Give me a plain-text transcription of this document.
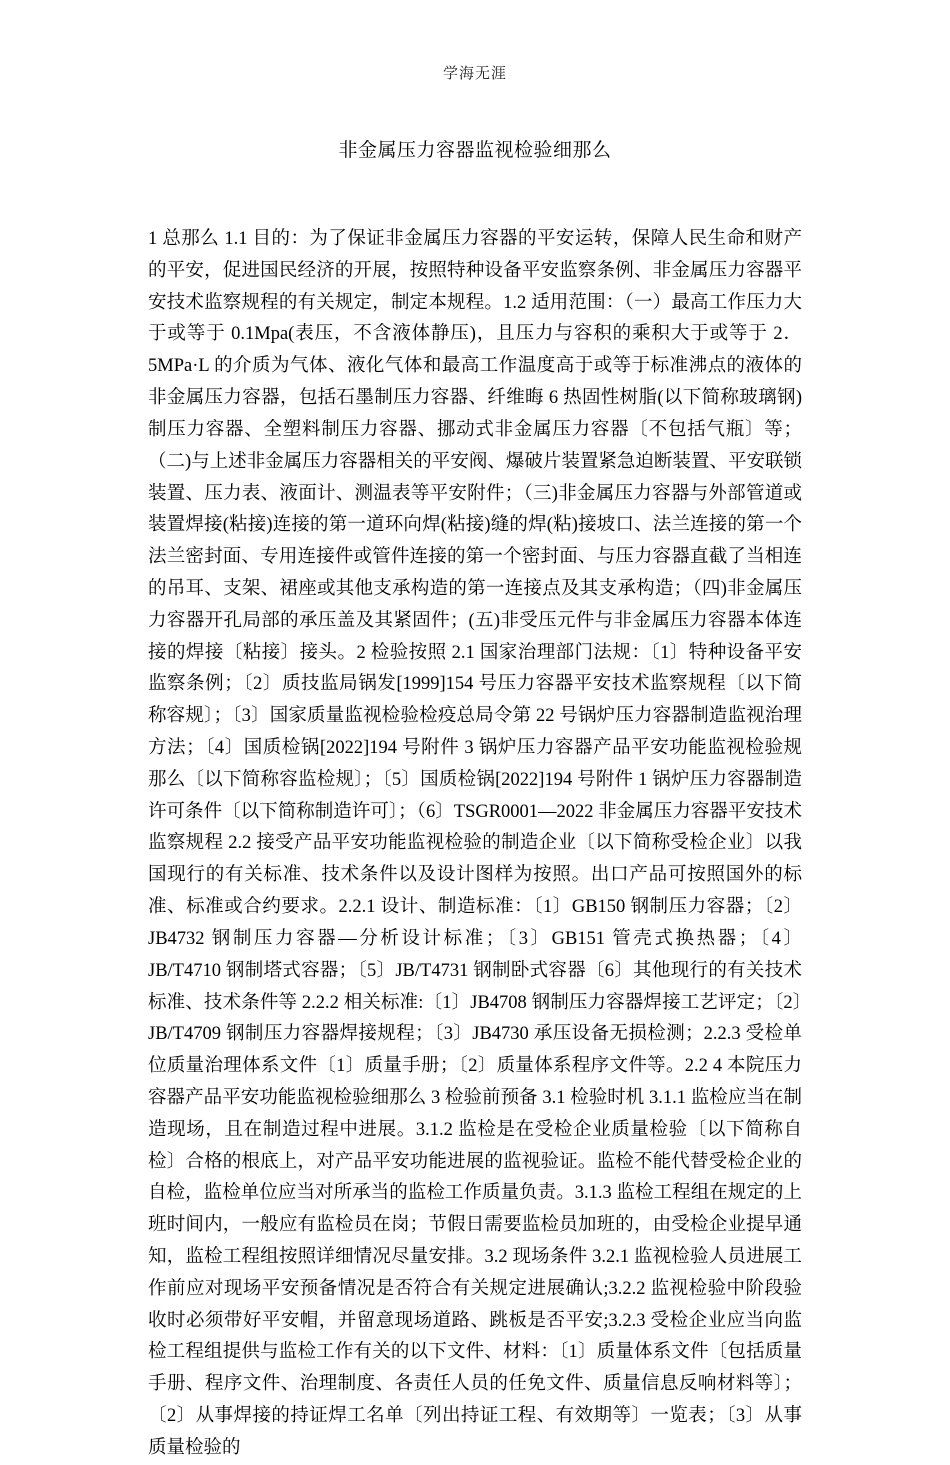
学海无涯
非金属压力容器监视检验细那么
1 总那么 1.1 目的：为了保证非金属压力容器的平安运转，保障人民生命和财产的平安，促进国民经济的开展，按照特种设备平安监察条例、非金属压力容器平安技术监察规程的有关规定，制定本规程。1.2 适用范围：（一）最高工作压力大于或等于 0.1Mpa(表压，不含液体静压)，且压力与容积的乘积大于或等于 2．5MPa·L 的介质为气体、液化气体和最高工作温度高于或等于标准沸点的液体的非金属压力容器，包括石墨制压力容器、纤维晦 6 热固性树脂(以下简称玻璃钢)制压力容器、全塑料制压力容器、挪动式非金属压力容器〔不包括气瓶〕等；（二)与上述非金属压力容器相关的平安阀、爆破片装置紧急迫断装置、平安联锁装置、压力表、液面计、测温表等平安附件；（三)非金属压力容器与外部管道或装置焊接(粘接)连接的第一道环向焊(粘接)缝的焊(粘)接坡口、法兰连接的第一个法兰密封面、专用连接件或管件连接的第一个密封面、与压力容器直截了当相连的吊耳、支架、裙座或其他支承构造的第一连接点及其支承构造；（四)非金属压力容器开孔局部的承压盖及其紧固件；(五)非受压元件与非金属压力容器本体连接的焊接〔粘接〕接头。2 检验按照 2.1 国家治理部门法规：〔1〕特种设备平安监察条例；〔2〕质技监局锅发[1999]154 号压力容器平安技术监察规程〔以下简称容规〕；〔3〕国家质量监视检验检疫总局令第 22 号锅炉压力容器制造监视治理方法；〔4〕国质检锅[2022]194 号附件 3 锅炉压力容器产品平安功能监视检验规那么〔以下简称容监检规〕；〔5〕国质检锅[2022]194 号附件 1 锅炉压力容器制造许可条件〔以下简称制造许可〕；（6〕TSGR0001—2022 非金属压力容器平安技术监察规程 2.2 接受产品平安功能监视检验的制造企业〔以下简称受检企业〕以我国现行的有关标准、技术条件以及设计图样为按照。出口产品可按照国外的标准、标准或合约要求。2.2.1 设计、制造标准：〔1〕GB150 钢制压力容器；〔2〕JB4732 钢制压力容器—分析设计标准；〔3〕GB151 管壳式换热器；〔4〕JB/T4710 钢制塔式容器；〔5〕JB/T4731 钢制卧式容器〔6〕其他现行的有关技术标准、技术条件等 2.2.2 相关标准:〔1〕JB4708 钢制压力容器焊接工艺评定；〔2〕JB/T4709 钢制压力容器焊接规程；〔3〕JB4730 承压设备无损检测；2.2.3 受检单位质量治理体系文件〔1〕质量手册；〔2〕质量体系程序文件等。2.2 4 本院压力容器产品平安功能监视检验细那么 3 检验前预备 3.1 检验时机 3.1.1 监检应当在制造现场，且在制造过程中进展。3.1.2 监检是在受检企业质量检验〔以下简称自检〕合格的根底上，对产品平安功能进展的监视验证。监检不能代替受检企业的自检，监检单位应当对所承当的监检工作质量负责。3.1.3 监检工程组在规定的上班时间内，一般应有监检员在岗；节假日需要监检员加班的，由受检企业提早通知，监检工程组按照详细情况尽量安排。3.2 现场条件 3.2.1 监视检验人员进展工作前应对现场平安预备情况是否符合有关规定进展确认;3.2.2 监视检验中阶段验收时必须带好平安帽，并留意现场道路、跳板是否平安;3.2.3 受检企业应当向监检工程组提供与监检工作有关的以下文件、材料：〔1〕质量体系文件〔包括质量手册、程序文件、治理制度、各责任人员的任免文件、质量信息反响材料等〕；〔2〕从事焊接的持证焊工名单〔列出持证工程、有效期等〕一览表；〔3〕从事质量检验的
